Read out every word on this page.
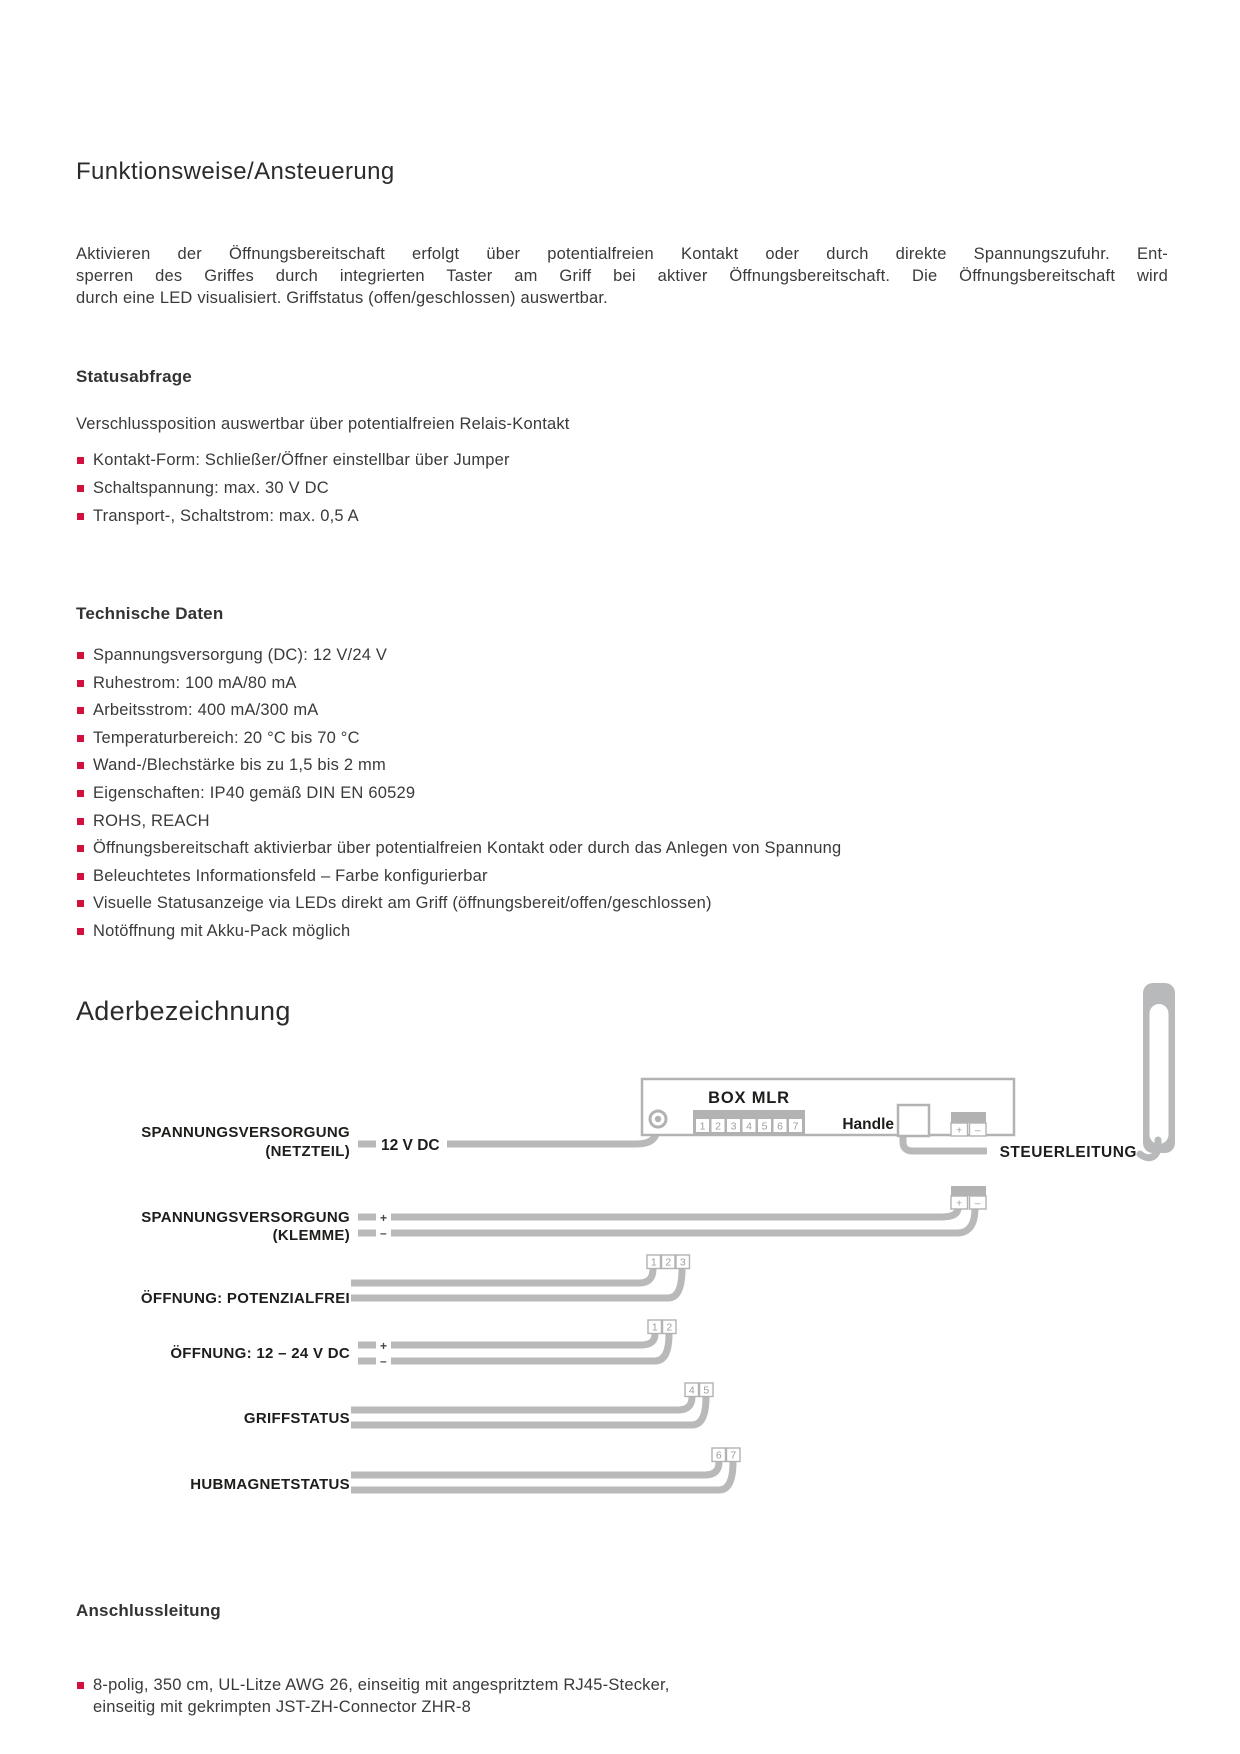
Funktionsweise/Ansteuerung
Aktivieren der Öffnungsbereitschaft erfolgt über potentialfreien Kontakt oder durch direkte Spannungszufuhr. Ent-
sperren des Griffes durch integrierten Taster am Griff bei aktiver Öffnungsbereitschaft. Die Öffnungsbereitschaft wird
durch eine LED visualisiert. Griffstatus (offen/geschlossen) auswertbar.
Statusabfrage
Verschlussposition auswertbar über potentialfreien Relais-Kontakt
Kontakt-Form: Schließer/Öffner einstellbar über Jumper
Schaltspannung: max. 30 V DC
Transport-, Schaltstrom: max. 0,5 A
Technische Daten
Spannungsversorgung (DC): 12 V/24 V
Ruhestrom: 100 mA/80 mA
Arbeitsstrom: 400 mA/300 mA
Temperaturbereich: 20 °C bis 70 °C
Wand-/Blechstärke bis zu 1,5 bis 2 mm
Eigenschaften: IP40 gemäß DIN EN 60529
ROHS, REACH
Öffnungsbereitschaft aktivierbar über potentialfreien Kontakt oder durch das Anlegen von Spannung
Beleuchtetes Informationsfeld – Farbe konfigurierbar
Visuelle Statusanzeige via LEDs direkt am Griff (öffnungsbereit/offen/geschlossen)
Notöffnung mit Akku-Pack möglich
Aderbezeichnung
SPANNUNGSVERSORGUNG
(NETZTEIL) 12 V DC
SPANNUNGSVERSORGUNG
(KLEMME)
+
–
+ –
ÖFFNUNG: POTENZIALFREI
1 2 3
ÖFFNUNG: 12 – 24 V DC	+
–
1 2
GRIFFSTATUS
4 5
HUBMAGNETSTATUS
6 7
1 2 3 4 5 6 7
BOX MLR
Handle	+ –
STEUERLEITUNG
Anschlussleitung
8-polig, 350 cm, UL-Litze AWG 26, einseitig mit angespritztem RJ45-Stecker,
einseitig mit gekrimpten JST-ZH-Connector ZHR-8
